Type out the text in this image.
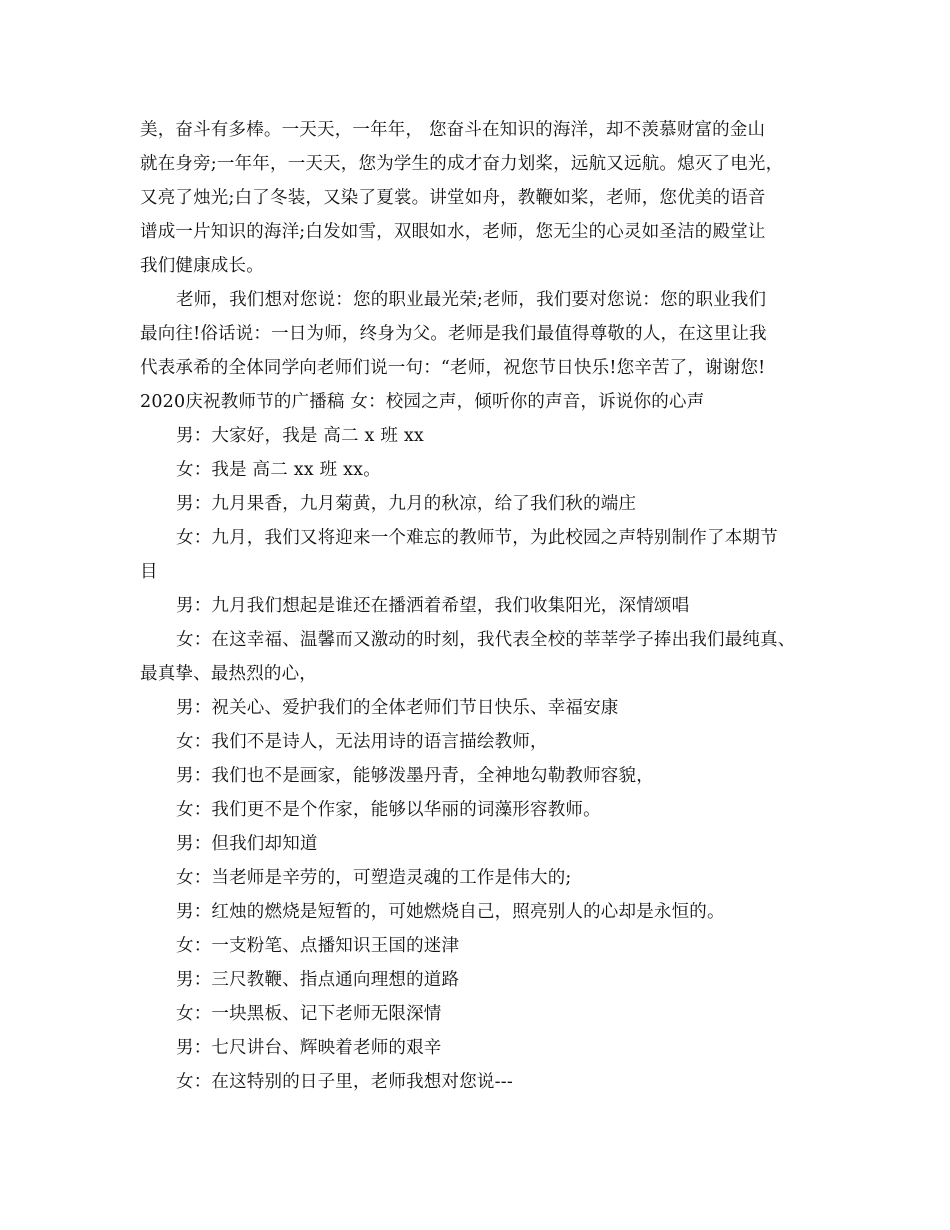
美，奋斗有多棒。一天天，一年年， 您奋斗在知识的海洋，却不羡慕财富的金山
就在身旁;一年年，一天天，您为学生的成才奋力划桨，远航又远航。熄灭了电光，
又亮了烛光;白了冬装，又染了夏裳。讲堂如舟，教鞭如桨，老师，您优美的语音
谱成一片知识的海洋;白发如雪，双眼如水，老师，您无尘的心灵如圣洁的殿堂让
我们健康成长。
老师，我们想对您说：您的职业最光荣;老师，我们要对您说：您的职业我们
最向往!俗话说：一日为师，终身为父。老师是我们最值得尊敬的人，在这里让我
代表承希的全体同学向老师们说一句：“老师，祝您节日快乐!您辛苦了，谢谢您!
2020庆祝教师节的广播稿 女：校园之声，倾听你的声音，诉说你的心声
男：大家好，我是 高二 x 班 xx
女：我是 高二 xx 班 xx。
男：九月果香，九月菊黄，九月的秋凉，给了我们秋的端庄
女：九月，我们又将迎来一个难忘的教师节，为此校园之声特别制作了本期节
目
男：九月我们想起是谁还在播洒着希望，我们收集阳光，深情颂唱
女：在这幸福、温馨而又激动的时刻，我代表全校的莘莘学子捧出我们最纯真、
最真挚、最热烈的心，
男：祝关心、爱护我们的全体老师们节日快乐、幸福安康
女：我们不是诗人，无法用诗的语言描绘教师，
男：我们也不是画家，能够泼墨丹青，全神地勾勒教师容貌，
女：我们更不是个作家，能够以华丽的词藻形容教师。
男：但我们却知道
女：当老师是辛劳的，可塑造灵魂的工作是伟大的;
男：红烛的燃烧是短暂的，可她燃烧自己，照亮别人的心却是永恒的。
女：一支粉笔、点播知识王国的迷津
男：三尺教鞭、指点通向理想的道路
女：一块黑板、记下老师无限深情
男：七尺讲台、辉映着老师的艰辛
女：在这特别的日子里，老师我想对您说---
